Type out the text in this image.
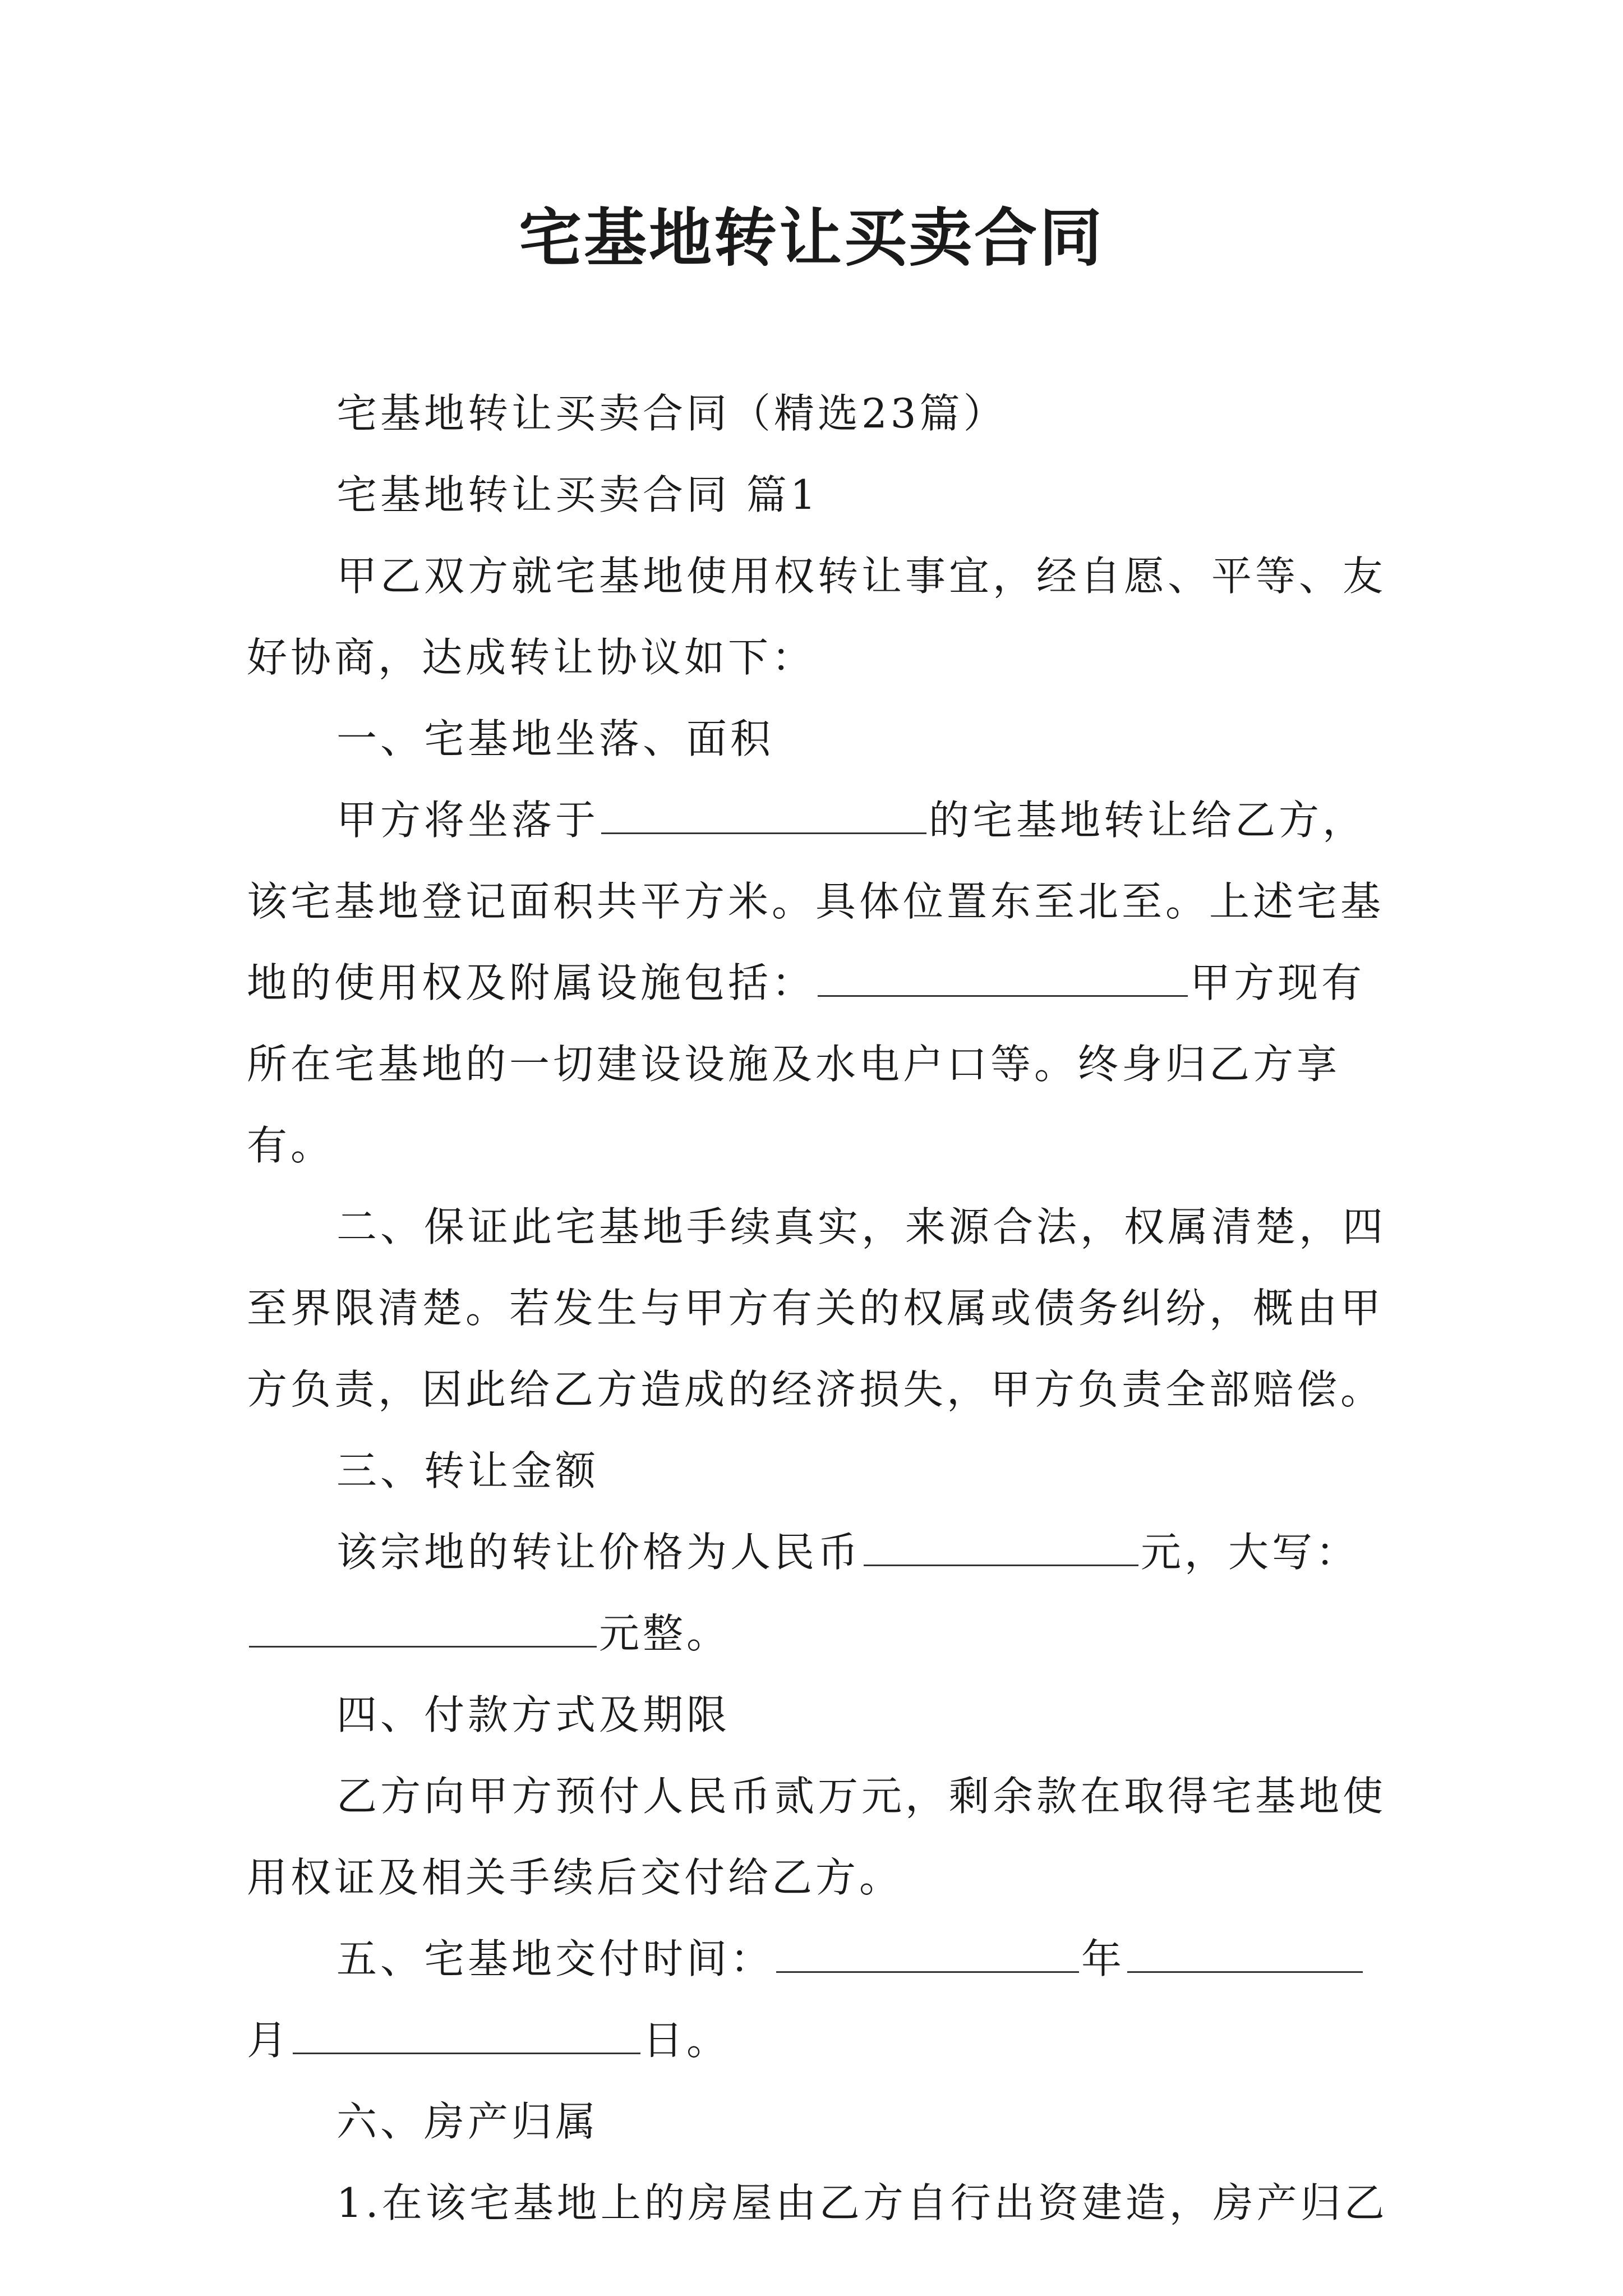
宅基地转让买卖合同

宅基地转让买卖合同（精选23篇）

宅基地转让买卖合同 篇1

甲乙双方就宅基地使用权转让事宜，经自愿、平等、友好协商，达成转让协议如下：

一、宅基地坐落、面积

甲方将坐落于	的宅基地转让给乙方，该宅基地登记面积共平方米。具体位置东至北至。上述宅基地的使用权及附属设施包括：	甲方现有所在宅基地的一切建设设施及水电户口等。终身归乙方享有。

二、保证此宅基地手续真实，来源合法，权属清楚，四至界限清楚。若发生与甲方有关的权属或债务纠纷，概由甲方负责，因此给乙方造成的经济损失，甲方负责全部赔偿。

三、转让金额

该宗地的转让价格为人民币	元，大写：元整。

四、付款方式及期限

乙方向甲方预付人民币贰万元，剩余款在取得宅基地使用权证及相关手续后交付给乙方。

五、宅基地交付时间：	年月	日。

六、房产归属

1.在该宅基地上的房屋由乙方自行出资建造，房产归乙
